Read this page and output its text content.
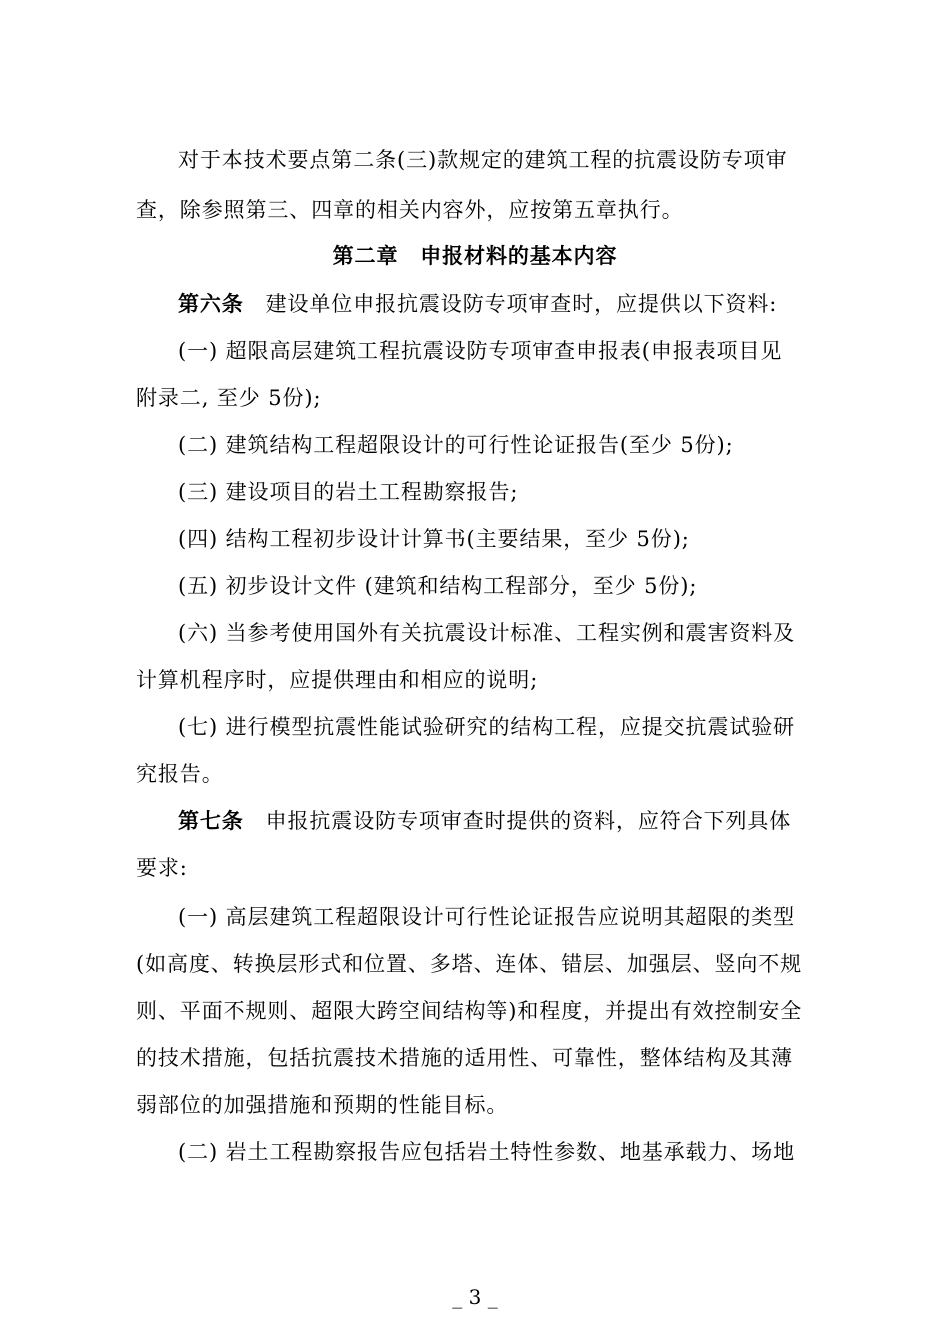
对于本技术要点第二条(三)款规定的建筑工程的抗震设防专项审
查，除参照第三、四章的相关内容外，应按第五章执行。
第二章　申报材料的基本内容
第六条　建设单位申报抗震设防专项审查时，应提供以下资料:
(一) 超限高层建筑工程抗震设防专项审查申报表(申报表项目见
附录二, 至少 5份);
(二) 建筑结构工程超限设计的可行性论证报告(至少 5份);
(三) 建设项目的岩土工程勘察报告;
(四) 结构工程初步设计计算书(主要结果，至少 5份);
(五) 初步设计文件 (建筑和结构工程部分，至少 5份);
(六) 当参考使用国外有关抗震设计标准、工程实例和震害资料及
计算机程序时，应提供理由和相应的说明;
(七) 进行模型抗震性能试验研究的结构工程，应提交抗震试验研
究报告。
第七条　申报抗震设防专项审查时提供的资料，应符合下列具体
要求:
(一) 高层建筑工程超限设计可行性论证报告应说明其超限的类型
(如高度、转换层形式和位置、多塔、连体、错层、加强层、竖向不规
则、平面不规则、超限大跨空间结构等)和程度，并提出有效控制安全
的技术措施，包括抗震技术措施的适用性、可靠性，整体结构及其薄
弱部位的加强措施和预期的性能目标。
(二) 岩土工程勘察报告应包括岩土特性参数、地基承载力、场地
_ 3 _
